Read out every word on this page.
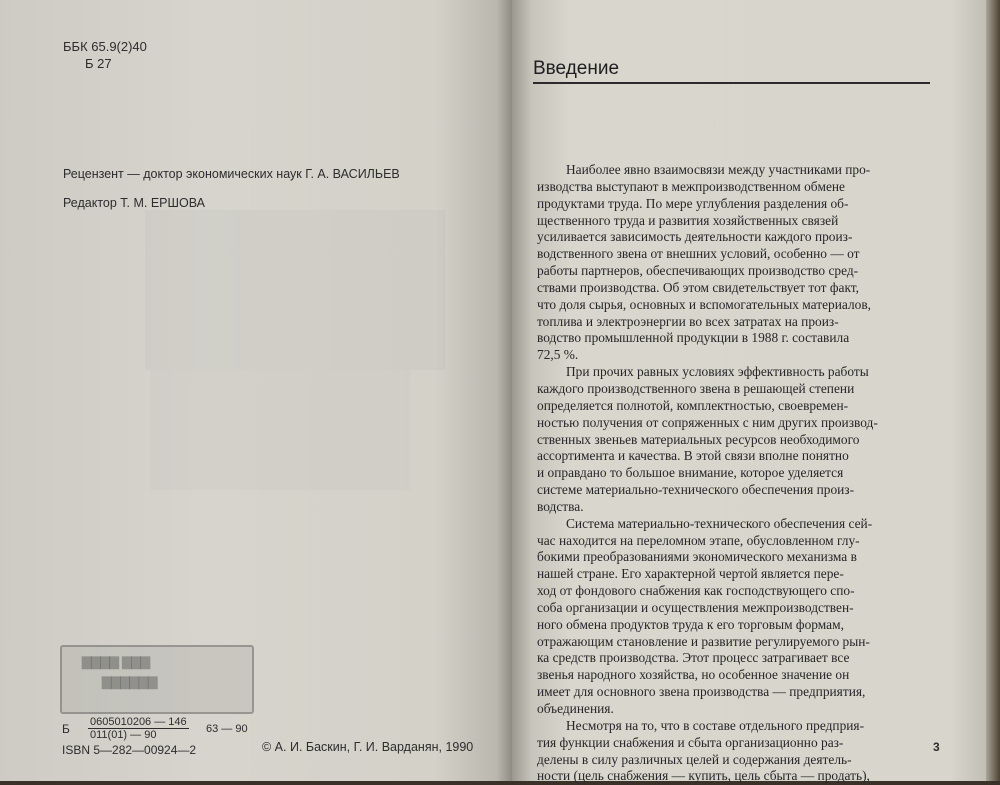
ББК 65.9(2)40
Б 27
Рецензент — доктор экономических наук Г. А. ВАСИЛЬЕВ
Редактор Т. М. ЕРШОВА
▇▇▇▇ ▇▇▇
▇▇▇▇▇▇
Б $\frac{0605010206 — 146}{011(01) — 90} 63$ — 90
ISBN 5—282—00924—2	© А. И. Баскин, Г. И. Варданян, 1990
Введение
Наиболее явно взаимосвязи между участниками про-
изводства выступают в межпроизводственном обмене
продуктами труда. По мере углубления разделения об-
щественного труда и развития хозяйственных связей
усиливается зависимость деятельности каждого произ-
водственного звена от внешних условий, особенно — от
работы партнеров, обеспечивающих производство сред-
ствами производства. Об этом свидетельствует тот факт,
что доля сырья, основных и вспомогательных материалов,
топлива и электроэнергии во всех затратах на произ-
водство промышленной продукции в 1988 г. составила
72,5 %.
При прочих равных условиях эффективность работы
каждого производственного звена в решающей степени
определяется полнотой, комплектностью, своевремен-
ностью получения от сопряженных с ним других производ-
ственных звеньев материальных ресурсов необходимого
ассортимента и качества. В этой связи вполне понятно
и оправдано то большое внимание, которое уделяется
системе материально-технического обеспечения произ-
водства.
Система материально-технического обеспечения сей-
час находится на переломном этапе, обусловленном глу-
бокими преобразованиями экономического механизма в
нашей стране. Его характерной чертой является пере-
ход от фондового снабжения как господствующего спо-
соба организации и осуществления межпроизводствен-
ного обмена продуктов труда к его торговым формам,
отражающим становление и развитие регулируемого рын-
ка средств производства. Этот процесс затрагивает все
звенья народного хозяйства, но особенное значение он
имеет для основного звена производства — предприятия,
объединения.
Несмотря на то, что в составе отдельного предприя-
тия функции снабжения и сбыта организационно раз-
делены в силу различных целей и содержания деятель-
ности (цель снабжения — купить, цель сбыта — продать),
3
